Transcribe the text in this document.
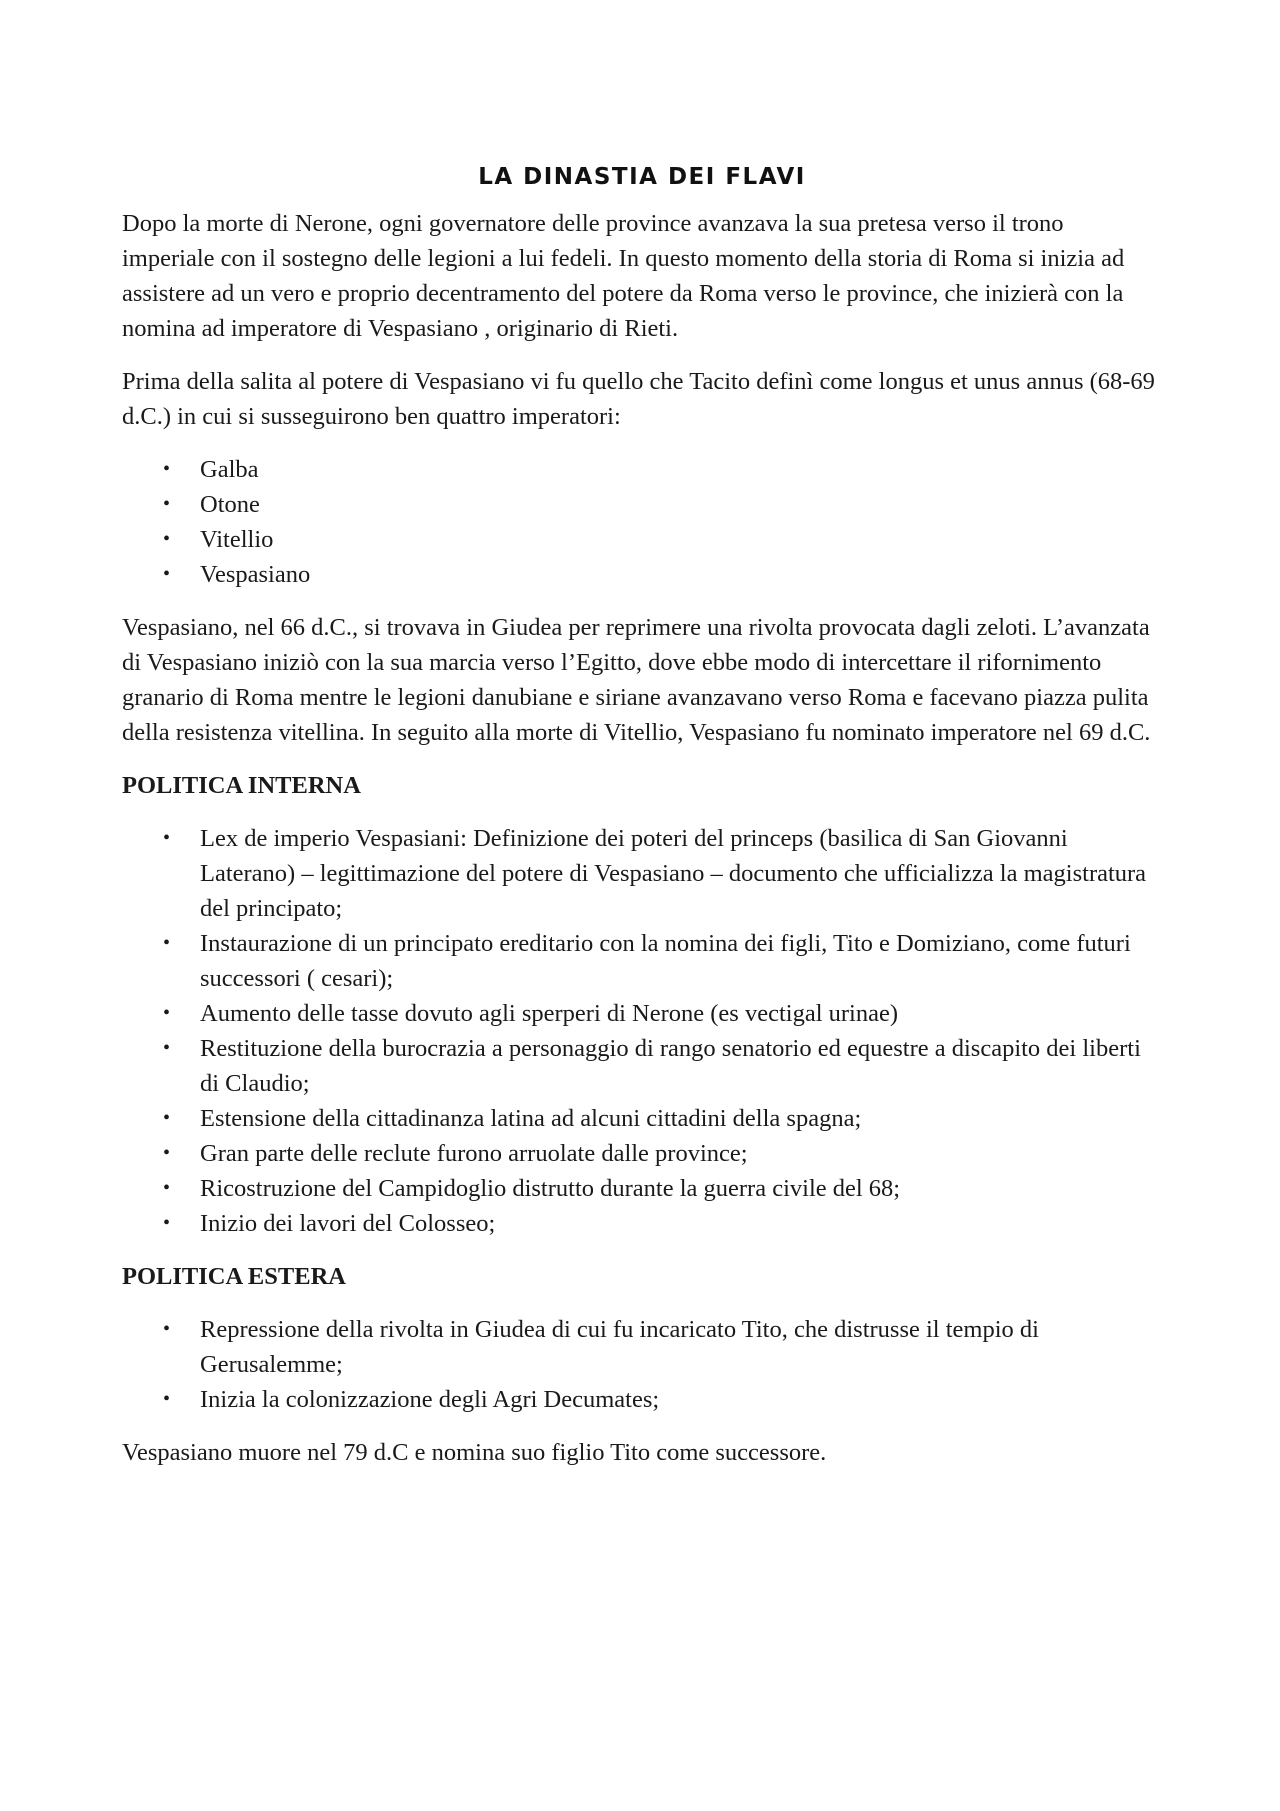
LA DINASTIA DEI FLAVI

Dopo la morte di Nerone, ogni governatore delle province avanzava la sua pretesa verso il trono imperiale con il sostegno delle legioni a lui fedeli. In questo momento della storia di Roma si inizia ad assistere ad un vero e proprio decentramento del potere da Roma verso le province, che inizierà con la nomina ad imperatore di Vespasiano , originario di Rieti.

Prima della salita al potere di Vespasiano vi fu quello che Tacito definì come longus et unus annus (68-69 d.C.) in cui si susseguirono ben quattro imperatori:

• Galba
• Otone
• Vitellio
• Vespasiano

Vespasiano, nel 66 d.C., si trovava in Giudea per reprimere una rivolta provocata dagli zeloti. L’avanzata di Vespasiano iniziò con la sua marcia verso l’Egitto, dove ebbe modo di intercettare il rifornimento granario di Roma mentre le legioni danubiane e siriane avanzavano verso Roma e facevano piazza pulita della resistenza vitellina. In seguito alla morte di Vitellio, Vespasiano fu nominato imperatore nel 69 d.C.

POLITICA INTERNA
• Lex de imperio Vespasiani: Definizione dei poteri del princeps (basilica di San Giovanni Laterano) – legittimazione del potere di Vespasiano – documento che ufficializza la magistratura del principato;
• Instaurazione di un principato ereditario con la nomina dei figli, Tito e Domiziano, come futuri successori ( cesari);
• Aumento delle tasse dovuto agli sperperi di Nerone (es vectigal urinae)
• Restituzione della burocrazia a personaggio di rango senatorio ed equestre a discapito dei liberti di Claudio;
• Estensione della cittadinanza latina ad alcuni cittadini della spagna;
• Gran parte delle reclute furono arruolate dalle province;
• Ricostruzione del Campidoglio distrutto durante la guerra civile del 68;
• Inizio dei lavori del Colosseo;
POLITICA ESTERA
• Repressione della rivolta in Giudea di cui fu incaricato Tito, che distrusse il tempio di Gerusalemme;
• Inizia la colonizzazione degli Agri Decumates;

Vespasiano muore nel 79 d.C e nomina suo figlio Tito come successore.
